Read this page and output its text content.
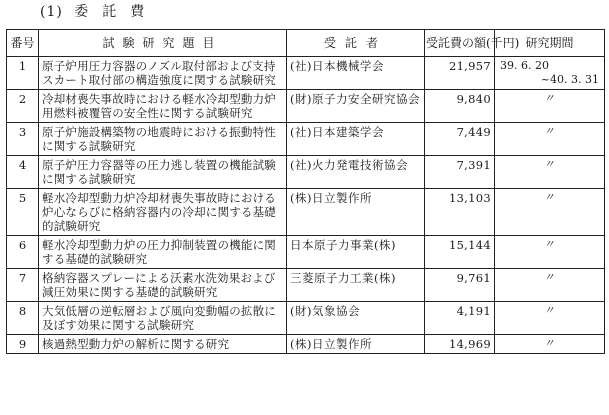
(1) 委託費
番号	試験研究題目	受託者	受託費の額(千円)	研究期間
1	原子炉用圧力容器のノズル取付部および支持スカート取付部の構造強度に関する試験研究	(社)日本機械学会	21,957	39. 6. 20
~40. 3. 31

2	冷却材喪失事故時における軽水冷却型動力炉用燃料被覆管の安全性に関する試験研究	(財)原子力安全研究協会	9,840	〃
3	原子炉施設構築物の地震時における振動特性に関する試験研究	(社)日本建築学会	7,449	〃
4	原子炉圧力容器等の圧力逃し装置の機能試験に関する試験研究	(社)火力発電技術協会	7,391	〃
5	軽水冷却型動力炉冷却材喪失事故時における炉心ならびに格納容器内の冷却に関する基礎的試験研究	(株)日立製作所	13,103	〃
6	軽水冷却型動力炉の圧力抑制装置の機能に関する基礎的試験研究	日本原子力事業(株)	15,144	〃
7	格納容器スプレーによる沃素水洗効果および減圧効果に関する基礎的試験研究	三菱原子力工業(株)	9,761	〃
8	大気低層の逆転層および風向変動幅の拡散に及ぼす効果に関する試験研究	(財)気象協会	4,191	〃
9	核過熱型動力炉の解析に関する研究	(株)日立製作所	14,969	〃
